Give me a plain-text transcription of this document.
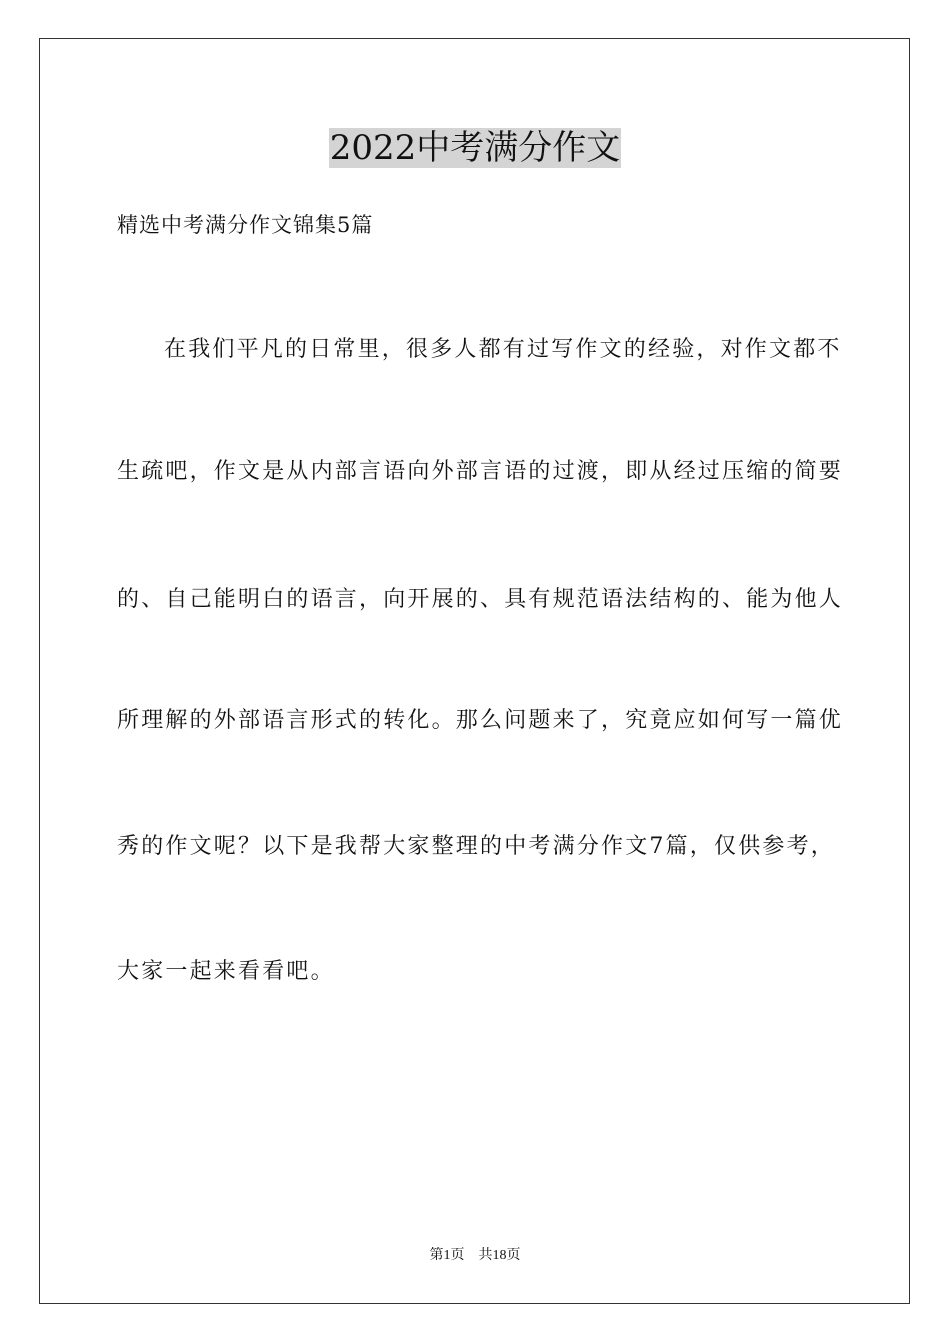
2022中考满分作文
精选中考满分作文锦集5篇
在我们平凡的日常里，很多人都有过写作文的经验，对作文都不
生疏吧，作文是从内部言语向外部言语的过渡，即从经过压缩的简要
的、自己能明白的语言，向开展的、具有规范语法结构的、能为他人
所理解的外部语言形式的转化。那么问题来了，究竟应如何写一篇优
秀的作文呢？以下是我帮大家整理的中考满分作文7篇，仅供参考，
大家一起来看看吧。
第1页 共18页
